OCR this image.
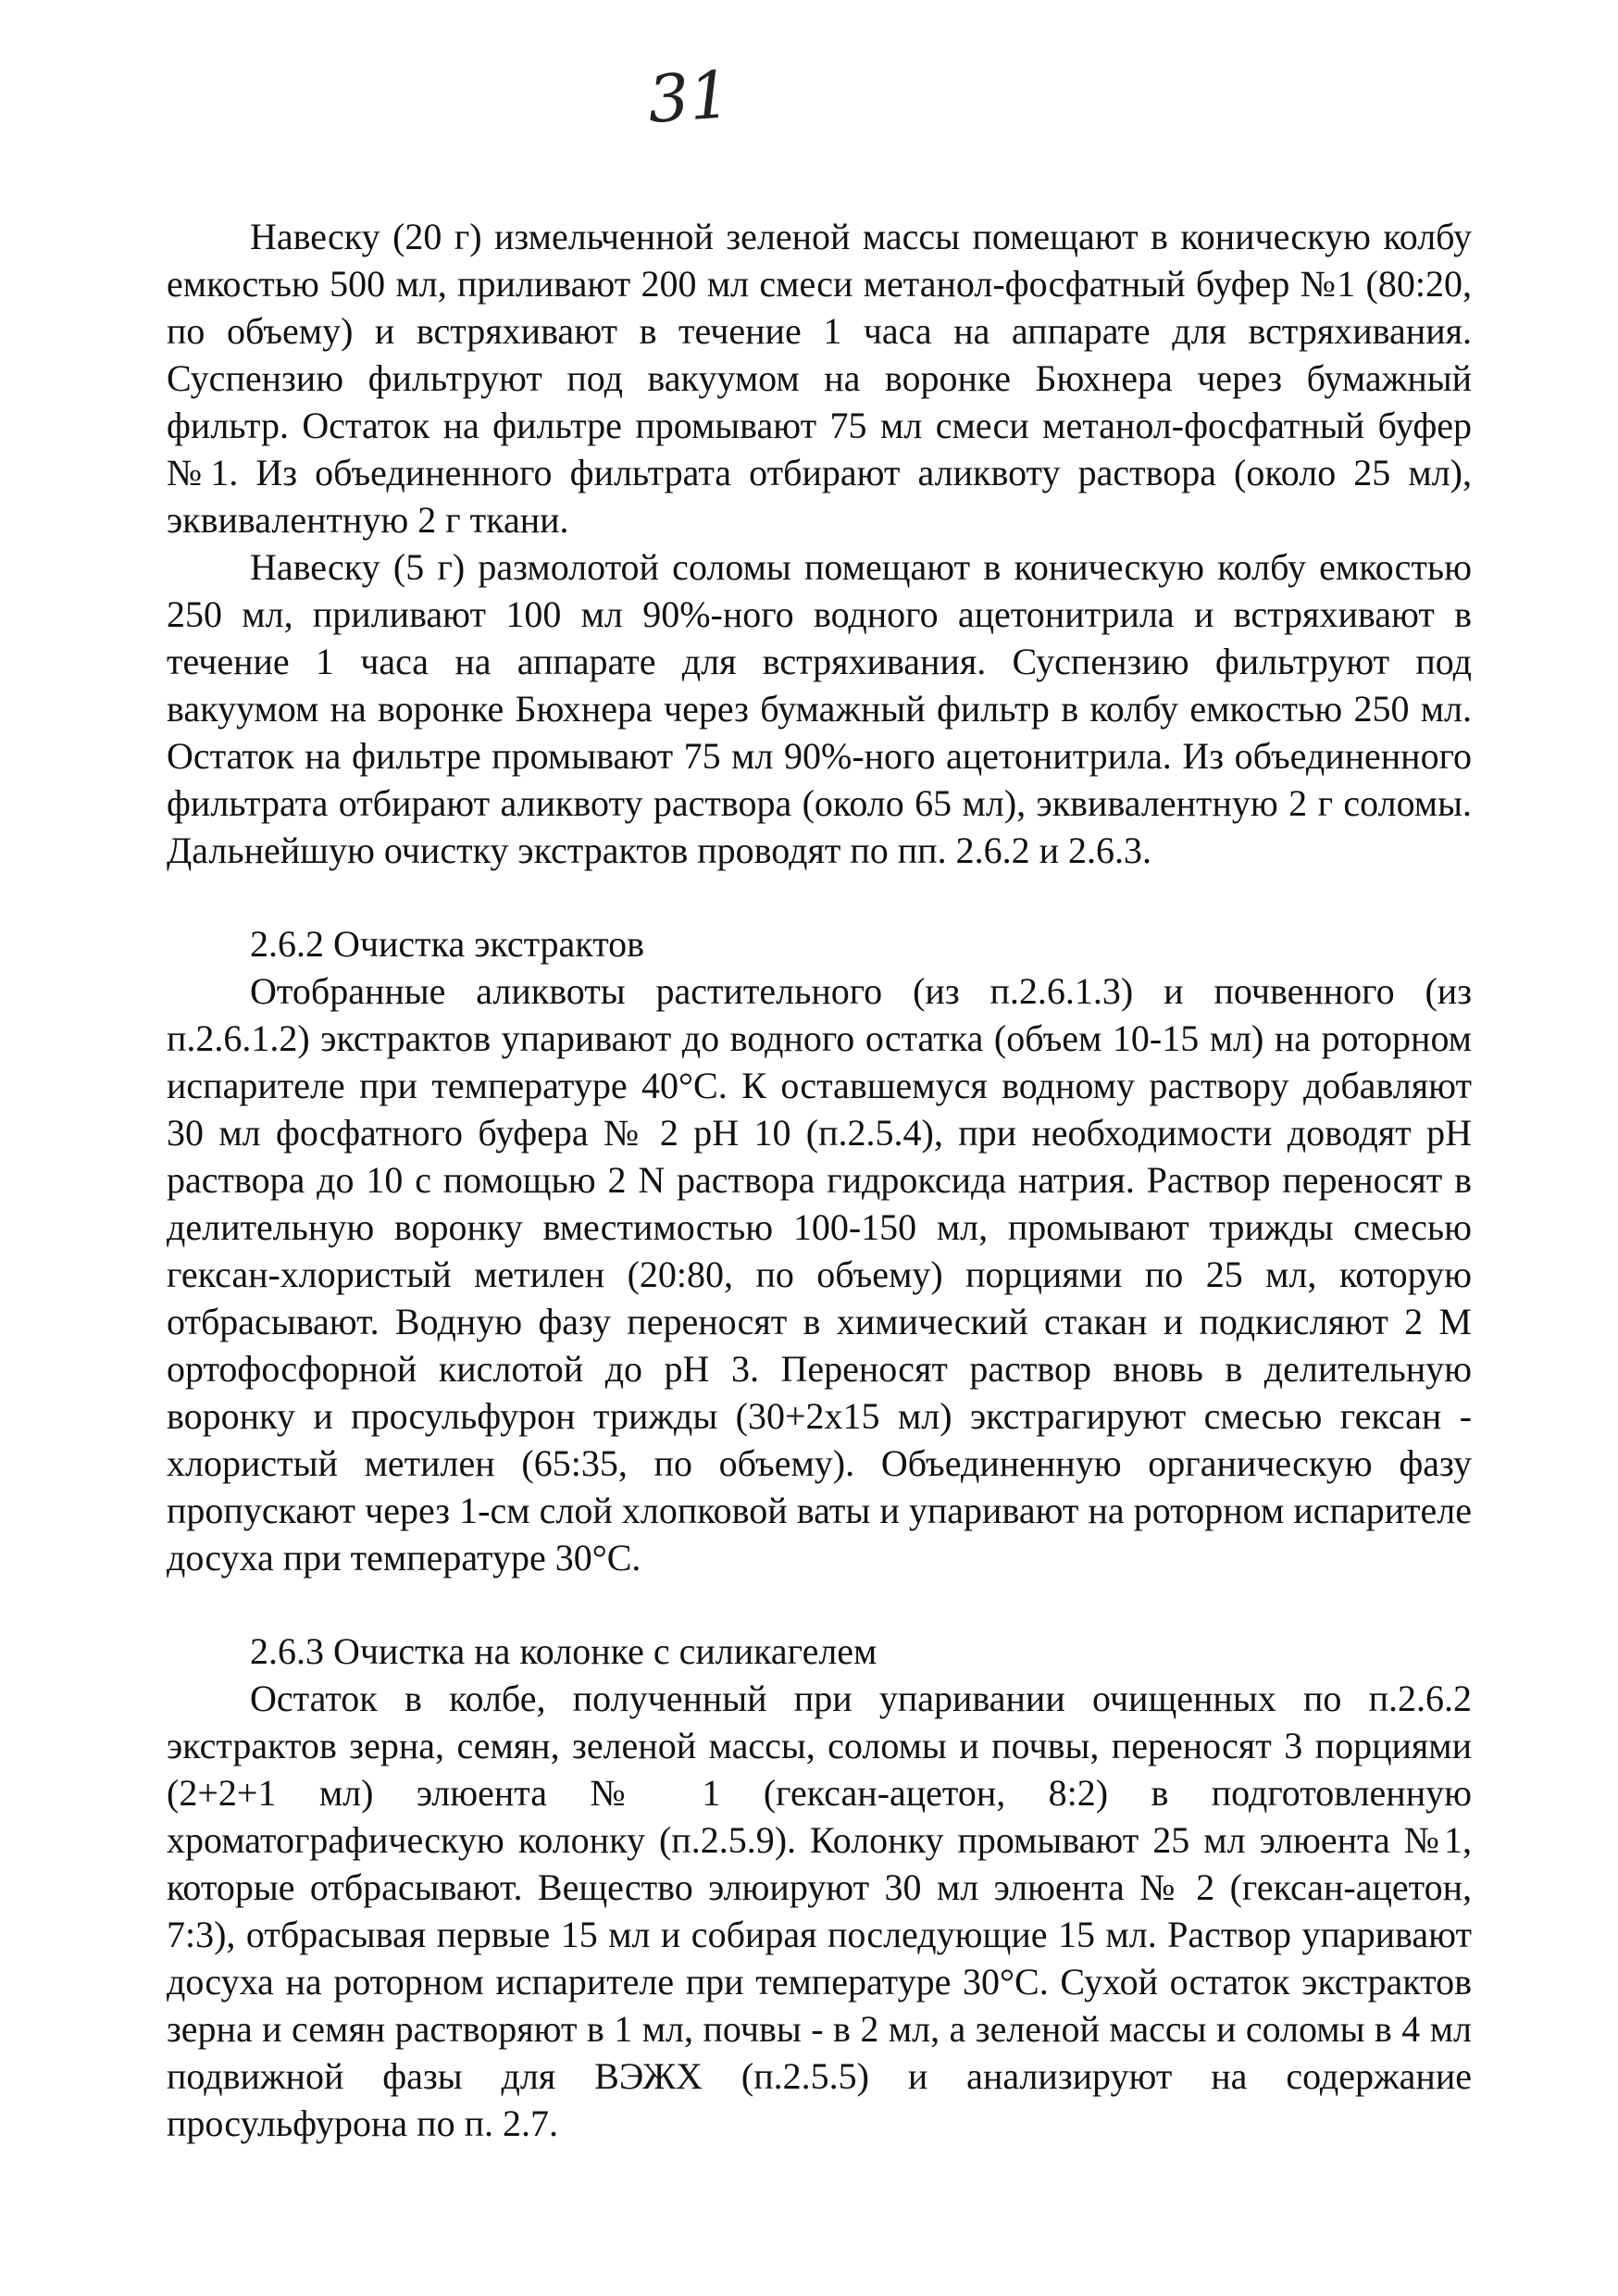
31

Навеску (20 г) измельченной зеленой массы помещают в коническую колбу емкостью 500 мл, приливают 200 мл смеси метанол-фосфатный буфер №1 (80:20, по объему) и встряхивают в течение 1 часа на аппарате для встряхивания. Суспензию фильтруют под вакуумом на воронке Бюхнера через бумажный фильтр. Остаток на фильтре промывают 75 мл смеси метанол-фосфатный буфер №1. Из объединенного фильтрата отбирают аликвоту раствора (около 25 мл), эквивалентную 2 г ткани.

Навеску (5 г) размолотой соломы помещают в коническую колбу емкостью 250 мл, приливают 100 мл 90%-ного водного ацетонитрила и встряхивают в течение 1 часа на аппарате для встряхивания. Суспензию фильтруют под вакуумом на воронке Бюхнера через бумажный фильтр в колбу емкостью 250 мл. Остаток на фильтре промывают 75 мл 90%-ного ацетонитрила. Из объединенного фильтрата отбирают аликвоту раствора (около 65 мл), эквивалентную 2 г соломы. Дальнейшую очистку экстрактов проводят по пп. 2.6.2 и 2.6.3.

2.6.2 Очистка экстрактов

Отобранные аликвоты растительного (из п.2.6.1.3) и почвенного (из п.2.6.1.2) экстрактов упаривают до водного остатка (объем 10-15 мл) на роторном испарителе при температуре 40°С. К оставшемуся водному раствору добавляют 30 мл фосфатного буфера № 2 рН 10 (п.2.5.4), при необходимости доводят рН раствора до 10 с помощью 2 N раствора гидроксида натрия. Раствор переносят в делительную воронку вместимостью 100-150 мл, промывают трижды смесью гексан-хлористый метилен (20:80, по объему) порциями по 25 мл, которую отбрасывают. Водную фазу переносят в химический стакан и подкисляют 2 М ортофосфорной кислотой до рН 3. Переносят раствор вновь в делительную воронку и просульфурон трижды (30+2х15 мл) экстрагируют смесью гексан - хлористый метилен (65:35, по объему). Объединенную органическую фазу пропускают через 1-см слой хлопковой ваты и упаривают на роторном испарителе досуха при температуре 30°С.

2.6.3 Очистка на колонке с силикагелем

Остаток в колбе, полученный при упаривании очищенных по п.2.6.2 экстрактов зерна, семян, зеленой массы, соломы и почвы, переносят 3 порциями (2+2+1 мл) элюента № 1 (гексан-ацетон, 8:2) в подготовленную хроматографическую колонку (п.2.5.9). Колонку промывают 25 мл элюента №1, которые отбрасывают. Вещество элюируют 30 мл элюента № 2 (гексан-ацетон, 7:3), отбрасывая первые 15 мл и собирая последующие 15 мл. Раствор упаривают досуха на роторном испарителе при температуре 30°С. Сухой остаток экстрактов зерна и семян растворяют в 1 мл, почвы - в 2 мл, а зеленой массы и соломы в 4 мл подвижной фазы для ВЭЖХ (п.2.5.5) и анализируют на содержание просульфурона по п. 2.7.
